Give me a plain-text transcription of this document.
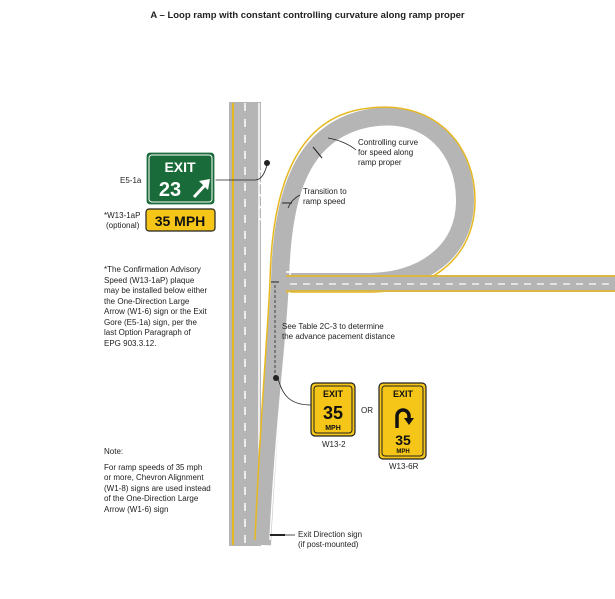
A – Loop ramp with constant controlling curvature along ramp proper
EXIT
23
35 MPH
EXIT
35
MPH
EXIT
35
MPH
E5-1a
*W13-1aP
(optional)
W13-2
W13-6R
OR
Controlling curve
for speed along
ramp proper
Transition to
ramp speed
See Table 2C-3 to determine
the advance pacement distance
Exit Direction sign
(if post-mounted)
*The Confirmation Advisory
Speed (W13-1aP) plaque
may be installed below either
the One-Direction Large
Arrow (W1-6) sign or the Exit
Gore (E5-1a) sign, per the
last Option Paragraph of
EPG 903.3.12.
Note:
For ramp speeds of 35 mph
or more, Chevron Alignment
(W1-8) signs are used instead
of the One-Direction Large
Arrow (W1-6) sign
